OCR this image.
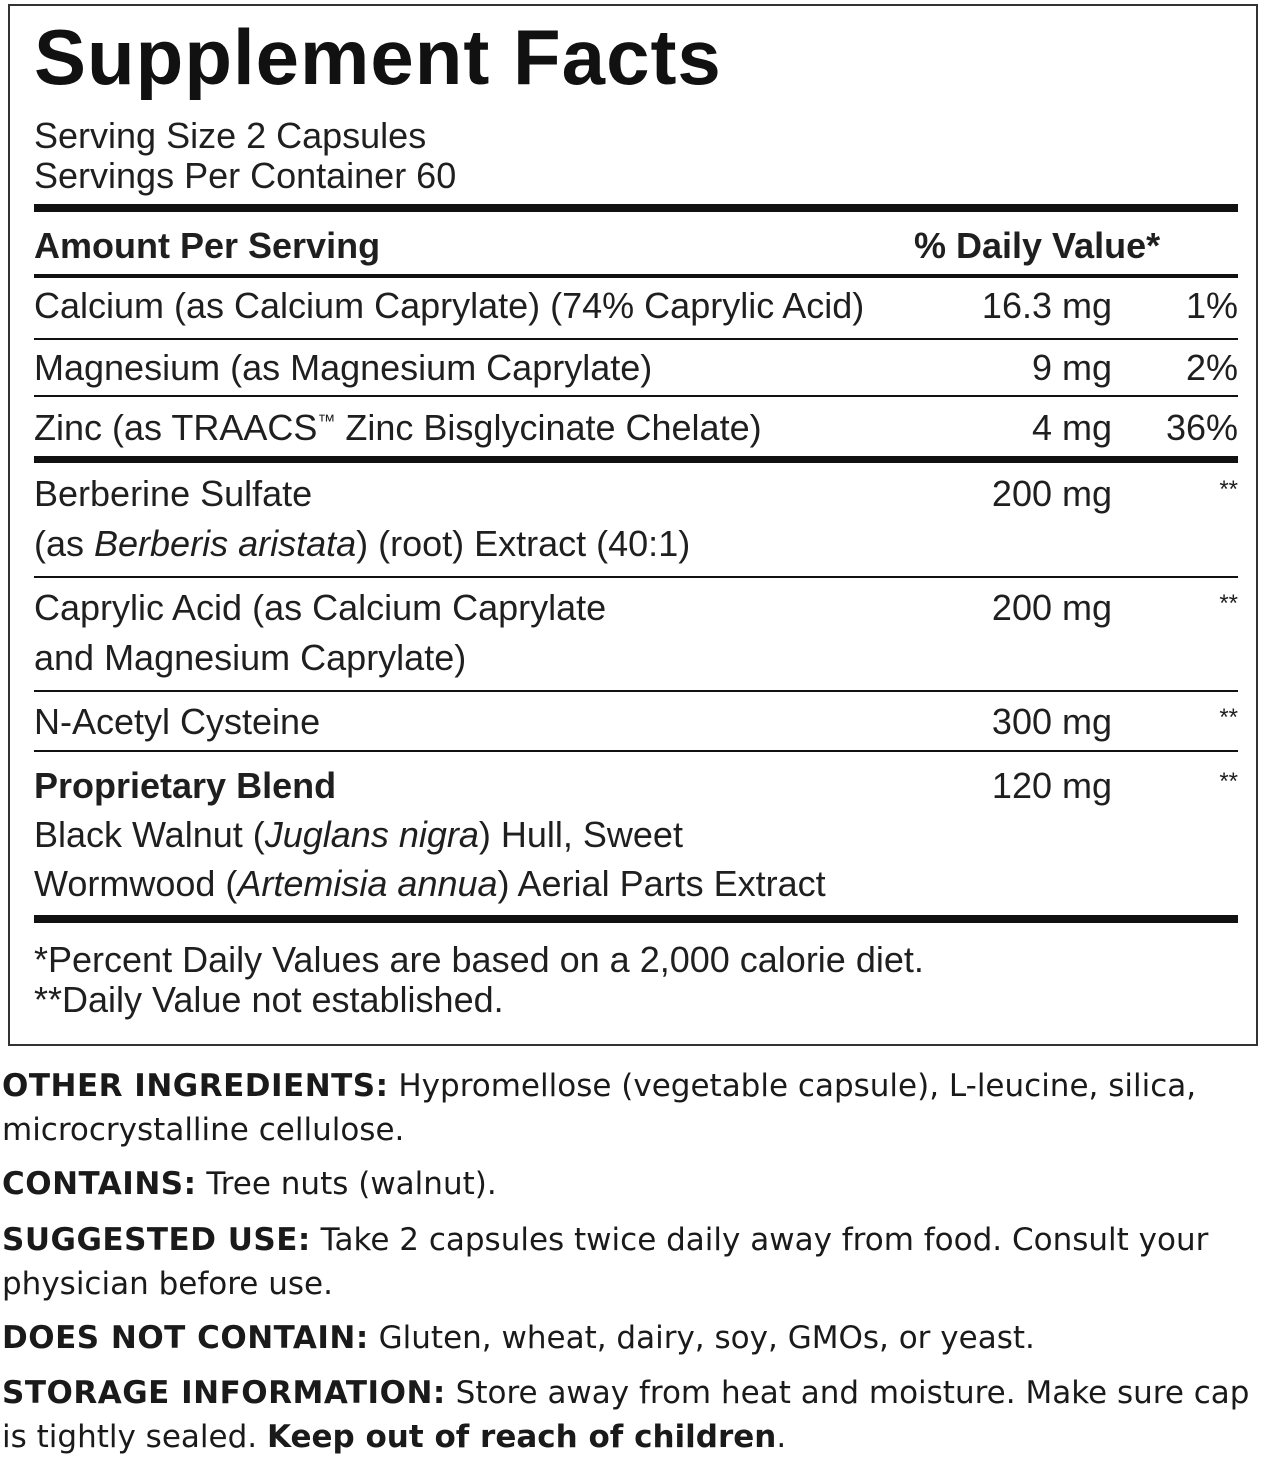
Supplement Facts
Serving Size 2 Capsules
Servings Per Container 60
Amount Per Serving	% Daily Value*
Calcium (as Calcium Caprylate) (74% Caprylic Acid)	16.3 mg	1%
Magnesium (as Magnesium Caprylate)	9 mg	2%
Zinc (as TRAACS™ Zinc Bisglycinate Chelate)	4 mg	36%
Berberine Sulfate
(as Berberis aristata) (root) Extract (40:1)
200 mg	**
Caprylic Acid (as Calcium Caprylate
and Magnesium Caprylate)
200 mg	**
N-Acetyl Cysteine	300 mg	**
Proprietary Blend
Black Walnut (Juglans nigra) Hull, Sweet
Wormwood (Artemisia annua) Aerial Parts Extract
120 mg	**
*Percent Daily Values are based on a 2,000 calorie diet.
**Daily Value not established.
OTHER INGREDIENTS: Hypromellose (vegetable capsule), L-leucine, silica, microcrystalline cellulose.
CONTAINS: Tree nuts (walnut).
SUGGESTED USE: Take 2 capsules twice daily away from food. Consult your physician before use.
DOES NOT CONTAIN: Gluten, wheat, dairy, soy, GMOs, or yeast.
STORAGE INFORMATION: Store away from heat and moisture. Make sure cap is tightly sealed. Keep out of reach of children.
